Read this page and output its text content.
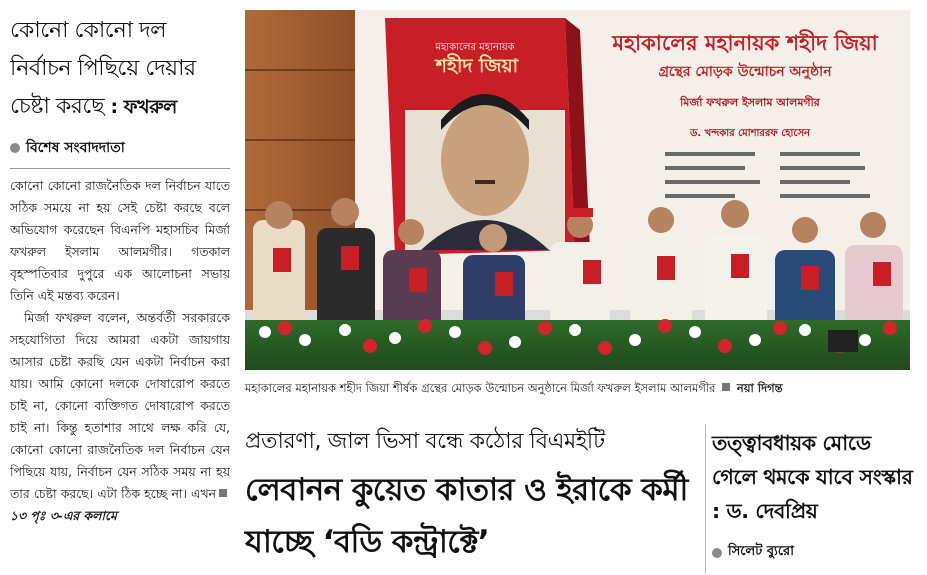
কোনো কোনো দল
নির্বাচন পিছিয়ে দেয়ার
চেষ্টা করছে : ফখরুল
বিশেষ সংবাদদাতা

কোনো কোনো রাজনৈতিক দল নির্বাচন যাতে সঠিক সময়ে না হয় সেই চেষ্টা করছে বলে অভিযোগ করেছেন বিএনপি মহাসচিব মির্জা ফখরুল ইসলাম আলমগীর। গতকাল বৃহস্পতিবার দুপুরে এক আলোচনা সভায় তিনি এই মন্তব্য করেন।

মির্জা ফখরুল বলেন, অন্তর্বর্তী সরকারকে সহযোগিতা দিয়ে আমরা একটা জায়গায় আসার চেষ্টা করছি যেন একটা নির্বাচন করা যায়। আমি কোনো দলকে দোষারোপ করতে চাই না, কোনো ব্যক্তিগত দোষারোপ করতে চাই না। কিন্তু হতাশার সাথে লক্ষ করি যে, কোনো কোনো রাজনৈতিক দল নির্বাচন যেন পিছিয়ে যায়, নির্বাচন যেন সঠিক সময় না হয় তার চেষ্টা করছে। এটা ঠিক হচ্ছে না। এখন১৩ পৃঃ ৩-এর কলামে

মহাকালের মহানায়ক
শহীদ জিয়া
মহাকালের মহানায়ক শহীদ জিয়া
গ্রন্থের মোড়ক উন্মোচন অনুষ্ঠান
মির্জা ফখরুল ইসলাম আলমগীর
ড. খন্দকার মোশাররফ হোসেন
মহাকালের মহানায়ক শহীদ জিয়া শীর্ষক গ্রন্থের মোড়ক উন্মোচন অনুষ্ঠানে মির্জা ফখরুল ইসলাম আলমগীর নয়া দিগন্ত
প্রতারণা, জাল ভিসা বন্ধে কঠোর বিএমইটি
লেবানন কুয়েত কাতার ও ইরাকে কর্মী যাচ্ছে ‘বডি কন্ট্রাক্টে’
তত্ত্বাবধায়ক মোডে গেলে থমকে যাবে সংস্কার : ড. দেবপ্রিয়
সিলেট ব্যুরো
